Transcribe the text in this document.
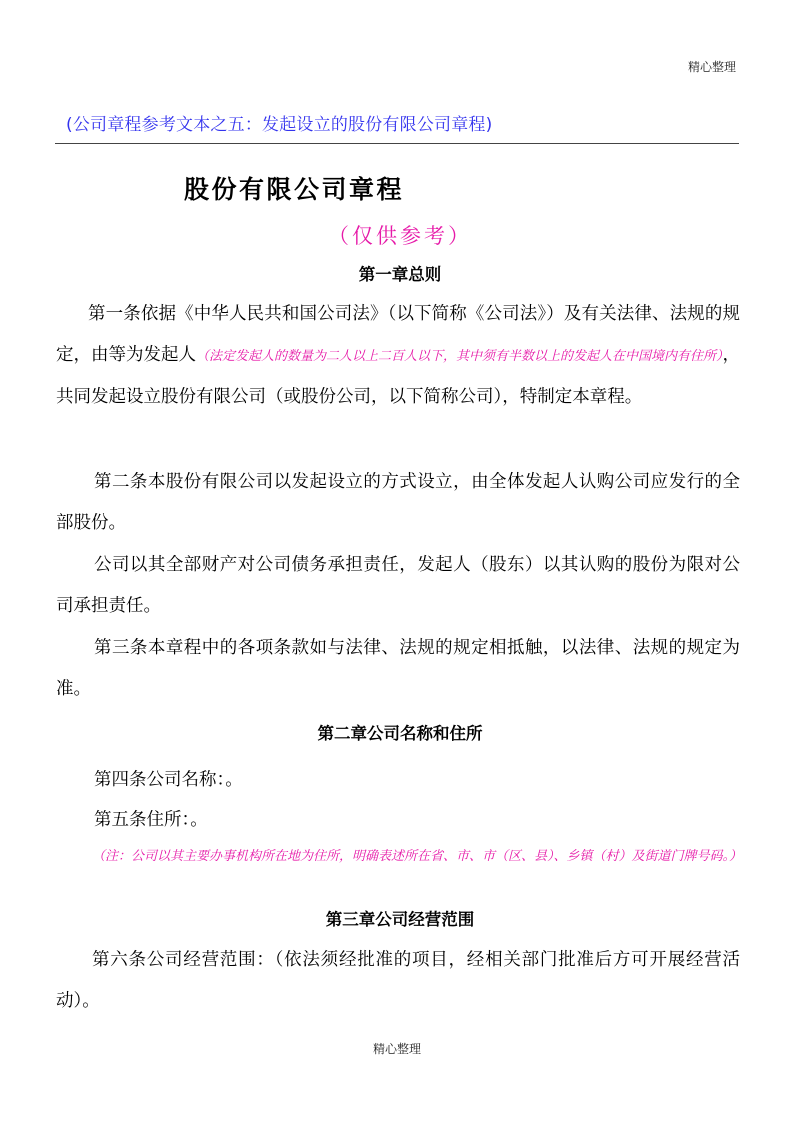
精心整理
(公司章程参考文本之五：发起设立的股份有限公司章程)
股份有限公司章程
（仅供参考）
第一章总则
第一条依据《中华人民共和国公司法》（以下简称《公司法》）及有关法律、法规的规定，由等为发起人（法定发起人的数量为二人以上二百人以下，其中须有半数以上的发起人在中国境内有住所），共同发起设立股份有限公司（或股份公司，以下简称公司），特制定本章程。
第二条本股份有限公司以发起设立的方式设立，由全体发起人认购公司应发行的全部股份。
公司以其全部财产对公司债务承担责任，发起人（股东）以其认购的股份为限对公司承担责任。
第三条本章程中的各项条款如与法律、法规的规定相抵触，以法律、法规的规定为准。
第二章公司名称和住所
第四条公司名称：。
第五条住所：。
（注：公司以其主要办事机构所在地为住所，明确表述所在省、市、市（区、县）、乡镇（村）及街道门牌号码。）
第三章公司经营范围
第六条公司经营范围：（依法须经批准的项目，经相关部门批准后方可开展经营活动）。
精心整理
